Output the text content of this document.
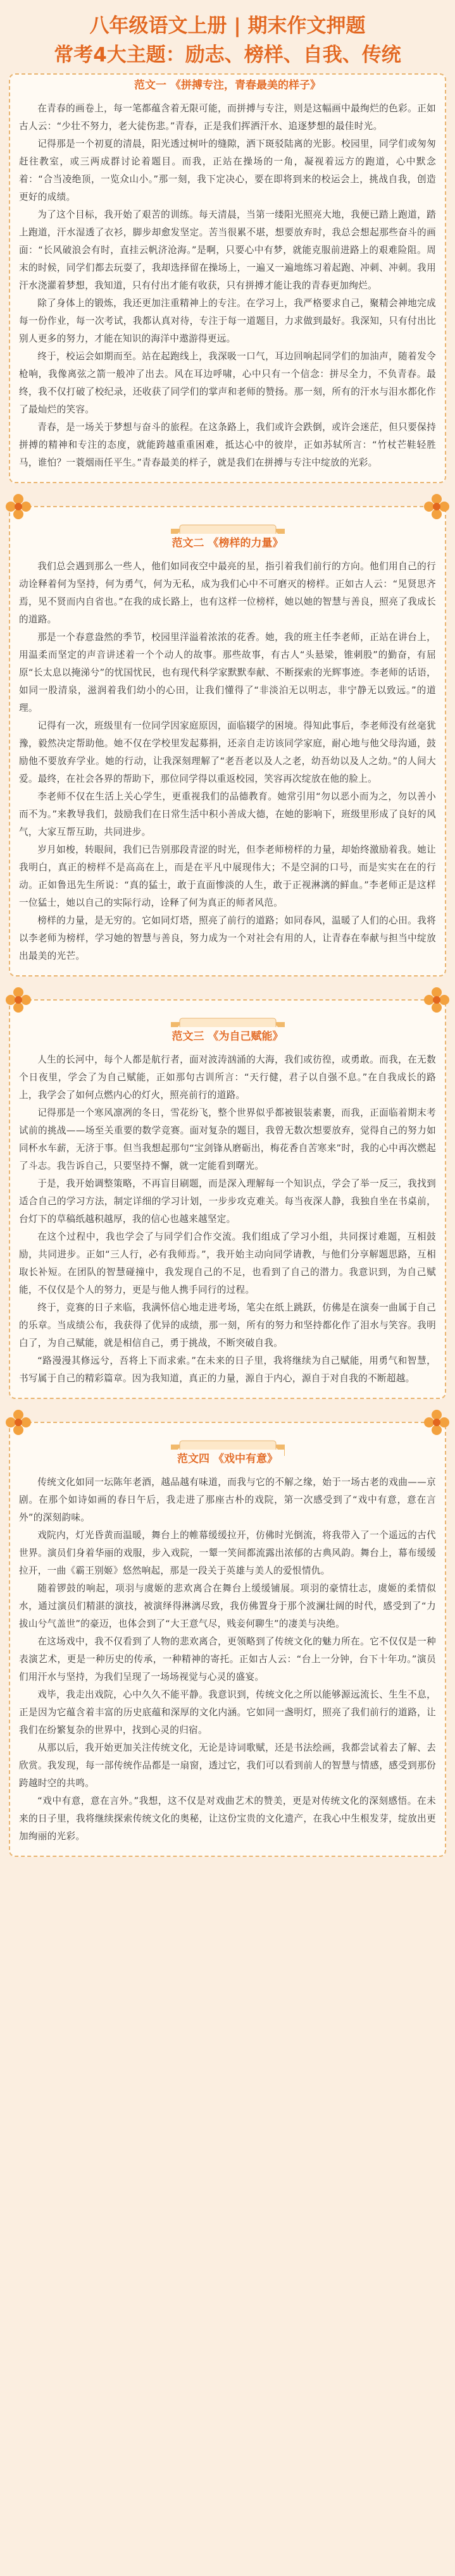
八年级语文上册 | 期末作文押题
常考4大主题：励志、榜样、自我、传统
范文一 《拼搏专注，青春最美的样子》

在青春的画卷上，每一笔都蕴含着无限可能，而拼搏与专注，则是这幅画中最绚烂的色彩。正如古人云：“少壮不努力，老大徒伤悲。”青春，正是我们挥洒汗水、追逐梦想的最佳时光。

记得那是一个初夏的清晨，阳光透过树叶的缝隙，洒下斑驳陆离的光影。校园里，同学们或匆匆赶往教室，或三两成群讨论着题目。而我，正站在操场的一角，凝视着远方的跑道，心中默念着：“合当凌绝顶，一览众山小。”那一刻，我下定决心，要在即将到来的校运会上，挑战自我，创造更好的成绩。

为了这个目标，我开始了艰苦的训练。每天清晨，当第一缕阳光照亮大地，我便已踏上跑道，踏上跑道，汗水湿透了衣衫，脚步却愈发坚定。苦当很累不堪，想要放弃时，我总会想起那些奋斗的画面：“长风破浪会有时，直挂云帆济沧海。”是啊，只要心中有梦，就能克服前进路上的艰难险阻。周末的时候，同学们都去玩耍了，我却选择留在操场上，一遍又一遍地练习着起跑、冲刺、冲刺。我用汗水浇灌着梦想，我知道，只有付出才能有收获，只有拼搏才能让我的青春更加绚烂。

除了身体上的锻炼，我还更加注重精神上的专注。在学习上，我严格要求自己，聚精会神地完成每一份作业，每一次考试，我都认真对待，专注于每一道题目，力求做到最好。我深知，只有付出比别人更多的努力，才能在知识的海洋中遨游得更远。

终于，校运会如期而至。站在起跑线上，我深吸一口气，耳边回响起同学们的加油声，随着发令枪响，我像离弦之箭一般冲了出去。风在耳边呼啸，心中只有一个信念：拼尽全力，不负青春。最终，我不仅打破了校纪录，还收获了同学们的掌声和老师的赞扬。那一刻，所有的汗水与泪水都化作了最灿烂的笑容。

青春，是一场关于梦想与奋斗的旅程。在这条路上，我们或许会跌倒，或许会迷茫，但只要保持拼搏的精神和专注的态度，就能跨越重重困难，抵达心中的彼岸，正如苏轼所言：“竹杖芒鞋轻胜马，谁怕？一蓑烟雨任平生。”青春最美的样子，就是我们在拼搏与专注中绽放的光彩。

范文二 《榜样的力量》

我们总会遇到那么一些人，他们如同夜空中最亮的星，指引着我们前行的方向。他们用自己的行动诠释着何为坚持，何为勇气，何为无私，成为我们心中不可磨灭的榜样。正如古人云：“见贤思齐焉，见不贤而内自省也。”在我的成长路上，也有这样一位榜样，她以她的智慧与善良，照亮了我成长的道路。

那是一个春意盎然的季节，校园里洋溢着浓浓的花香。她，我的班主任李老师，正站在讲台上，用温柔而坚定的声音讲述着一个个动人的故事。那些故事，有古人“头悬梁，锥刺股”的勤奋，有屈原“长太息以掩涕兮”的忧国忧民，也有现代科学家默默奉献、不断探索的光辉事迹。李老师的话语，如同一股清泉，滋润着我们幼小的心田，让我们懂得了“非淡泊无以明志，非宁静无以致远。”的道理。

记得有一次，班级里有一位同学因家庭原因，面临辍学的困境。得知此事后，李老师没有丝毫犹豫，毅然决定帮助他。她不仅在学校里发起募捐，还亲自走访该同学家庭，耐心地与他父母沟通，鼓励他不要放弃学业。她的行动，让我深刻理解了“老吾老以及人之老，幼吾幼以及人之幼。”的人间大爱。最终，在社会各界的帮助下，那位同学得以重返校园，笑容再次绽放在他的脸上。

李老师不仅在生活上关心学生，更重视我们的品德教育。她常引用“勿以恶小而为之，勿以善小而不为。”来教导我们，鼓励我们在日常生活中积小善成大德，在她的影响下，班级里形成了良好的风气，大家互帮互助，共同进步。

岁月如梭，转眼间，我们已告别那段青涩的时光，但李老师榜样的力量，却始终激励着我。她让我明白，真正的榜样不是高高在上，而是在平凡中展现伟大；不是空洞的口号，而是实实在在的行动。正如鲁迅先生所说：“真的猛士，敢于直面惨淡的人生，敢于正视淋漓的鲜血。”李老师正是这样一位猛士，她以自己的实际行动，诠释了何为真正的师者风范。

榜样的力量，是无穷的。它如同灯塔，照亮了前行的道路；如同春风，温暖了人们的心田。我将以李老师为榜样，学习她的智慧与善良，努力成为一个对社会有用的人，让青春在奉献与担当中绽放出最美的光芒。

范文三 《为自己赋能》

人生的长河中，每个人都是航行者，面对波涛汹涌的大海，我们或彷徨，或勇敢。而我，在无数个日夜里，学会了为自己赋能，正如那句古训所言：“天行健，君子以自强不息。”在自我成长的路上，我学会了如何点燃内心的灯火，照亮前行的道路。

记得那是一个寒风凛冽的冬日，雪花纷飞，整个世界似乎都被银装素裹，而我，正面临着期末考试前的挑战——场至关重要的数学竞赛。面对复杂的题目，我曾无数次想要放弃，觉得自己的努力如同杯水车薪，无济于事。但当我想起那句“宝剑锋从磨砺出，梅花香自苦寒来”时，我的心中再次燃起了斗志。我告诉自己，只要坚持不懈，就一定能看到曙光。

于是，我开始调整策略，不再盲目刷题，而是深入理解每一个知识点，学会了举一反三，我找到适合自己的学习方法，制定详细的学习计划，一步步攻克难关。每当夜深人静，我独自坐在书桌前，台灯下的草稿纸越积越厚，我的信心也越来越坚定。

在这个过程中，我也学会了与同学们合作交流。我们组成了学习小组，共同探讨难题，互相鼓励，共同进步。正如“三人行，必有我师焉。”，我开始主动向同学请教，与他们分享解题思路，互相取长补短。在团队的智慧碰撞中，我发现自己的不足，也看到了自己的潜力。我意识到，为自己赋能，不仅仅是个人的努力，更是与他人携手同行的过程。

终于，竞赛的日子来临，我满怀信心地走进考场，笔尖在纸上跳跃，仿佛是在演奏一曲属于自己的乐章。当成绩公布，我获得了优异的成绩，那一刻，所有的努力和坚持都化作了泪水与笑容。我明白了，为自己赋能，就是相信自己，勇于挑战，不断突破自我。

“路漫漫其修远兮，吾将上下而求索。”在未来的日子里，我将继续为自己赋能，用勇气和智慧，书写属于自己的精彩篇章。因为我知道，真正的力量，源自于内心，源自于对自我的不断超越。

范文四 《戏中有意》

传统文化如同一坛陈年老酒，越品越有味道，而我与它的不解之缘，始于一场古老的戏曲——京剧。在那个如诗如画的春日午后，我走进了那座古朴的戏院，第一次感受到了“戏中有意，意在言外”的深刻韵味。

戏院内，灯光昏黄而温暖，舞台上的帷幕缓缓拉开，仿佛时光倒流，将我带入了一个遥远的古代世界。演员们身着华丽的戏服，步入戏院，一颦一笑间都流露出浓郁的古典风韵。舞台上，幕布缓缓拉开，一曲《霸王别姬》悠然响起，那是一段关于英雄与美人的爱恨情仇。

随着锣鼓的响起，项羽与虞姬的悲欢离合在舞台上缓缓铺展。项羽的豪情壮志，虞姬的柔情似水，通过演员们精湛的演技，被演绎得淋漓尽致，我仿佛置身于那个波澜壮阔的时代，感受到了“力拔山兮气盖世”的豪迈，也体会到了“大王意气尽，贱妾何聊生”的凄美与决绝。

在这场戏中，我不仅看到了人物的悲欢离合，更领略到了传统文化的魅力所在。它不仅仅是一种表演艺术，更是一种历史的传承，一种精神的寄托。正如古人云：“台上一分钟，台下十年功。”演员们用汗水与坚持，为我们呈现了一场场视觉与心灵的盛宴。

戏毕，我走出戏院，心中久久不能平静。我意识到，传统文化之所以能够源远流长、生生不息，正是因为它蕴含着丰富的历史底蕴和深厚的文化内涵。它如同一盏明灯，照亮了我们前行的道路，让我们在纷繁复杂的世界中，找到心灵的归宿。

从那以后，我开始更加关注传统文化，无论是诗词歌赋，还是书法绘画，我都尝试着去了解、去欣赏。我发现，每一部传统作品都是一扇窗，透过它，我们可以看到前人的智慧与情感，感受到那份跨越时空的共鸣。

“戏中有意，意在言外。”我想，这不仅是对戏曲艺术的赞美，更是对传统文化的深刻感悟。在未来的日子里，我将继续探索传统文化的奥秘，让这份宝贵的文化遗产，在我心中生根发芽，绽放出更加绚丽的光彩。
